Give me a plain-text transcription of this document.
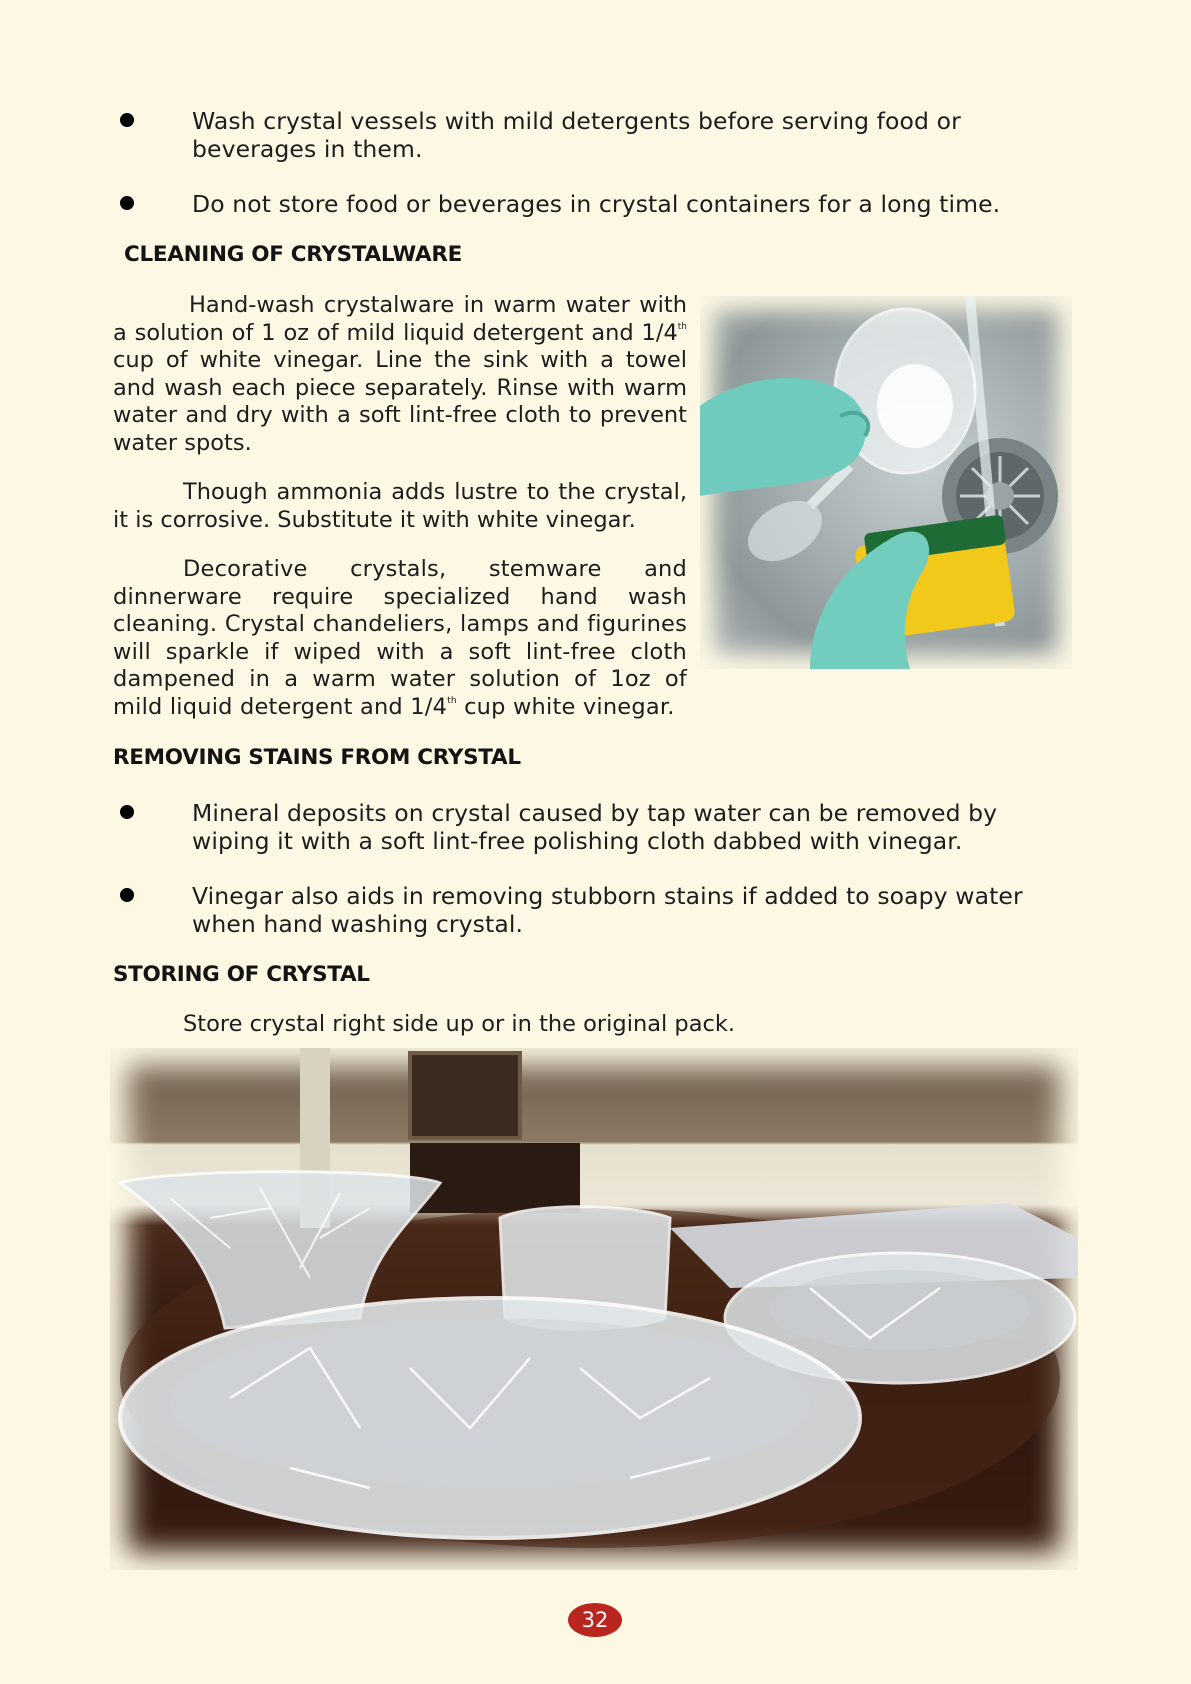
Wash crystal vessels with mild detergents before serving food or beverages in them.
Do not store food or beverages in crystal containers for a long time.
CLEANING OF CRYSTALWARE

Hand-wash crystalware in warm water with a solution of 1 oz of mild liquid detergent and 1/4th cup of white vinegar. Line the sink with a towel and wash each piece separately. Rinse with warm water and dry with a soft lint-free cloth to prevent water spots.

Though ammonia adds lustre to the crystal, it is corrosive. Substitute it with white vinegar.

Decorative crystals, stemware and dinnerware require specialized hand wash cleaning. Crystal chandeliers, lamps and figurines will sparkle if wiped with a soft lint-free cloth dampened in a warm water solution of 1oz of mild liquid detergent and 1/4th cup white vinegar.

REMOVING STAINS FROM CRYSTAL
Mineral deposits on crystal caused by tap water can be removed by wiping it with a soft lint-free polishing cloth dabbed with vinegar.
Vinegar also aids in removing stubborn stains if added to soapy water when hand washing crystal.
STORING OF CRYSTAL
Store crystal right side up or in the original pack.
32
